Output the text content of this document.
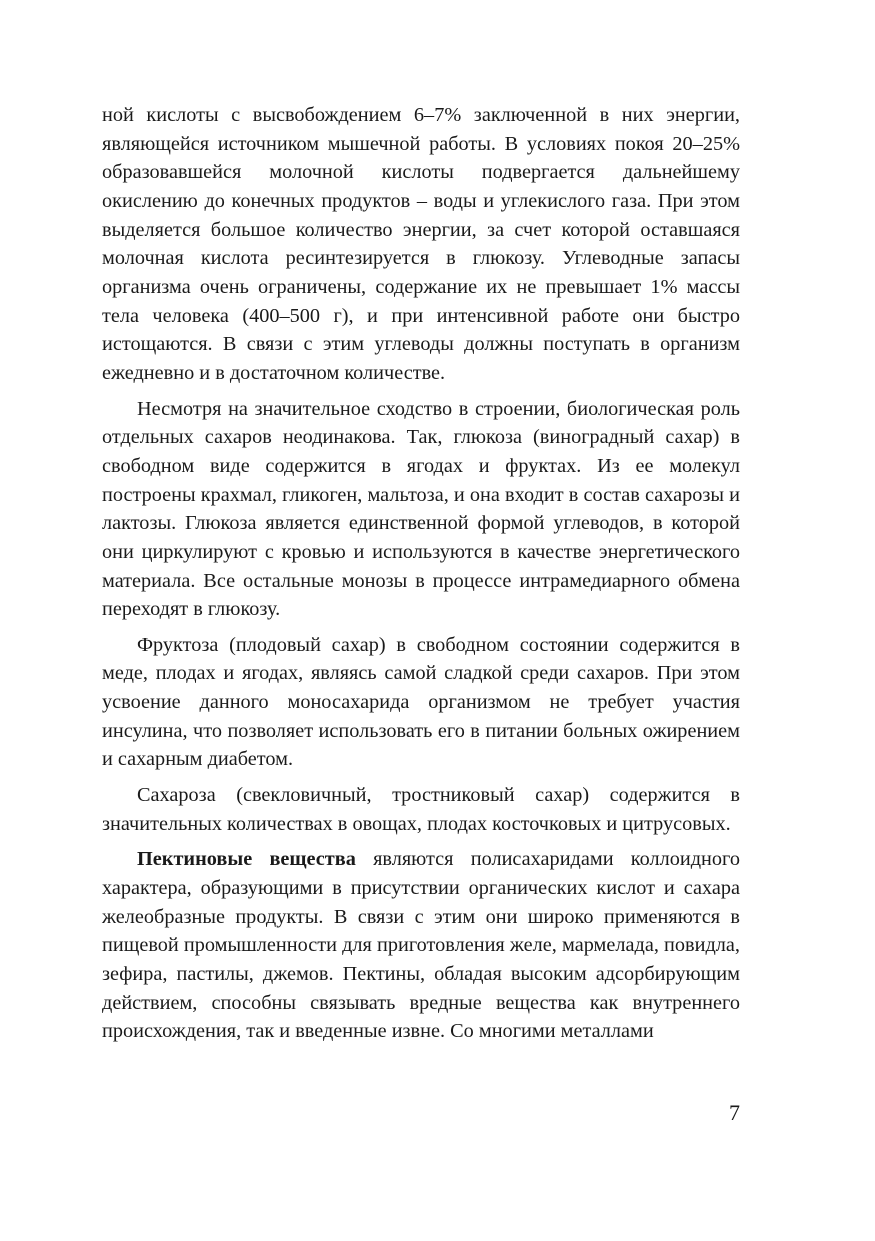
ной кислоты с высвобождением 6–7% заключенной в них энергии, являющейся источником мышечной работы. В условиях покоя 20–25% образовавшейся молочной кислоты подвергается дальнейшему окислению до конечных продуктов – воды и углекислого газа. При этом выделяется большое количество энергии, за счет которой оставшаяся молочная кислота ресинтезируется в глюкозу. Углеводные запасы организма очень ограничены, содержание их не превышает 1% массы тела человека (400–500 г), и при интенсивной работе они быстро истощаются. В связи с этим углеводы должны поступать в организм ежедневно и в достаточном количестве.

Несмотря на значительное сходство в строении, биологическая роль отдельных сахаров неодинакова. Так, глюкоза (виноградный сахар) в свободном виде содержится в ягодах и фруктах. Из ее молекул построены крахмал, гликоген, мальтоза, и она входит в состав сахарозы и лактозы. Глюкоза является единственной формой углеводов, в которой они циркулируют с кровью и используются в качестве энергетического материала. Все остальные монозы в процессе интрамедиарного обмена переходят в глюкозу.

Фруктоза (плодовый сахар) в свободном состоянии содержится в меде, плодах и ягодах, являясь самой сладкой среди сахаров. При этом усвоение данного моносахарида организмом не требует участия инсулина, что позволяет использовать его в питании больных ожирением и сахарным диабетом.

Сахароза (свекловичный, тростниковый сахар) содержится в значительных количествах в овощах, плодах косточковых и цитрусовых.

Пектиновые вещества являются полисахаридами коллоидного характера, образующими в присутствии органических кислот и сахара желеобразные продукты. В связи с этим они широко применяются в пищевой промышленности для приготовления желе, мармелада, повидла, зефира, пастилы, джемов. Пектины, обладая высоким адсорбирующим действием, способны связывать вредные вещества как внутреннего происхождения, так и введенные извне. Со многими металлами

7
